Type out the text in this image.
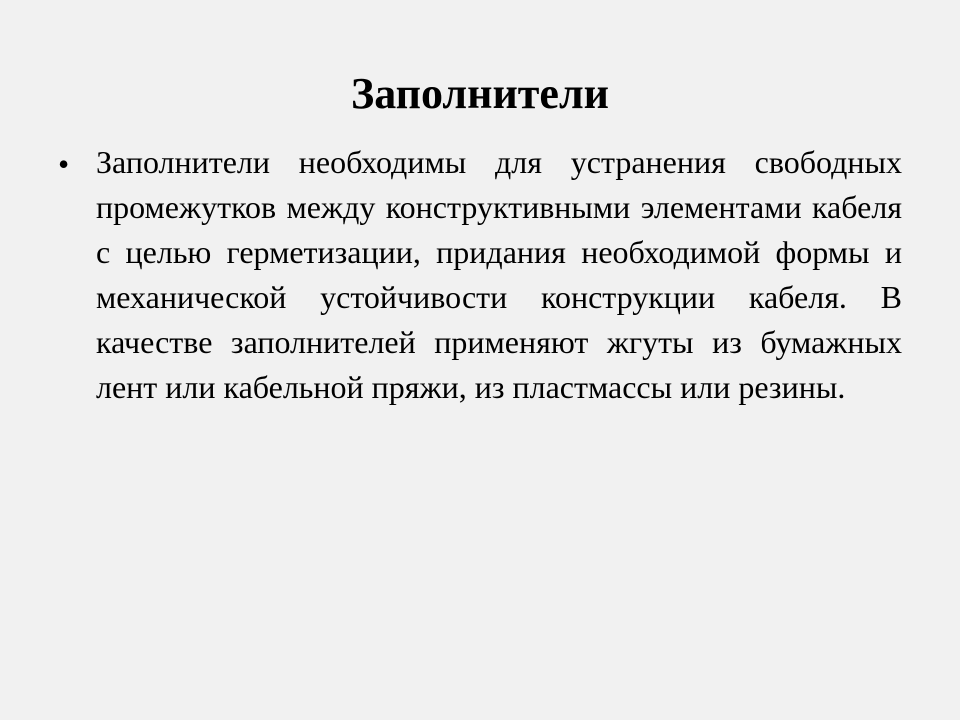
Заполнители
• Заполнители необходимы для устранения свободных промежутков между конструктивными элементами кабеля с целью герметизации, придания необходимой формы и механической устойчивости конструкции кабеля. В качестве заполнителей применяют жгуты из бумажных лент или кабельной пряжи, из пластмассы или резины.
